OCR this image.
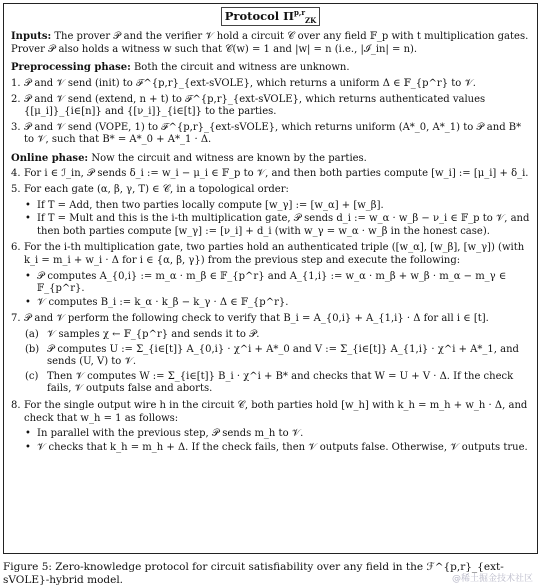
Protocol Π$^{p,r}_{ZK}$

Inputs: The prover 𝒫 and the verifier 𝒱 hold a circuit 𝒞 over any field 𝔽_p with t multiplication gates. Prover 𝒫 also holds a witness w such that 𝒞(w) = 1 and |w| = n (i.e., |ℐ_in| = n).

Preprocessing phase: Both the circuit and witness are unknown.

1. 𝒫 and 𝒱 send (init) to ℱ^{p,r}_{ext-sVOLE}, which returns a uniform Δ ∈ 𝔽_{p^r} to 𝒱.
2. 𝒫 and 𝒱 send (extend, n + t) to ℱ^{p,r}_{ext-sVOLE}, which returns authenticated values {[μ_i]}_{i∈[n]} and {[ν_i]}_{i∈[t]} to the parties.
3. 𝒫 and 𝒱 send (VOPE, 1) to ℱ^{p,r}_{ext-sVOLE}, which returns uniform (A*_0, A*_1) to 𝒫 and B* to 𝒱, such that B* = A*_0 + A*_1 · Δ.

Online phase: Now the circuit and witness are known by the parties.

4. For i ∈ ℐ_in, 𝒫 sends δ_i := w_i − μ_i ∈ 𝔽_p to 𝒱, and then both parties compute [w_i] := [μ_i] + δ_i.
5. For each gate (α, β, γ, T) ∈ 𝒞, in a topological order:
• If T = Add, then two parties locally compute [w_γ] := [w_α] + [w_β].
• If T = Mult and this is the i-th multiplication gate, 𝒫 sends d_i := w_α · w_β − ν_i ∈ 𝔽_p to 𝒱, and then both parties compute [w_γ] := [ν_i] + d_i (with w_γ = w_α · w_β in the honest case).
6. For the i-th multiplication gate, two parties hold an authenticated triple ([w_α], [w_β], [w_γ]) (with k_i = m_i + w_i · Δ for i ∈ {α, β, γ}) from the previous step and execute the following:
• 𝒫 computes A_{0,i} := m_α · m_β ∈ 𝔽_{p^r} and A_{1,i} := w_α · m_β + w_β · m_α − m_γ ∈ 𝔽_{p^r}.
• 𝒱 computes B_i := k_α · k_β − k_γ · Δ ∈ 𝔽_{p^r}.
7. 𝒫 and 𝒱 perform the following check to verify that B_i = A_{0,i} + A_{1,i} · Δ for all i ∈ [t].
(a) 𝒱 samples χ ← 𝔽_{p^r} and sends it to 𝒫.
(b) 𝒫 computes U := Σ_{i∈[t]} A_{0,i} · χ^i + A*_0 and V := Σ_{i∈[t]} A_{1,i} · χ^i + A*_1, and sends (U, V) to 𝒱.
(c) Then 𝒱 computes W := Σ_{i∈[t]} B_i · χ^i + B* and checks that W = U + V · Δ. If the check fails, 𝒱 outputs false and aborts.
8. For the single output wire h in the circuit 𝒞, both parties hold [w_h] with k_h = m_h + w_h · Δ, and check that w_h = 1 as follows:
• In parallel with the previous step, 𝒫 sends m_h to 𝒱.
• 𝒱 checks that k_h = m_h + Δ. If the check fails, then 𝒱 outputs false. Otherwise, 𝒱 outputs true.
Figure 5: Zero-knowledge protocol for circuit satisfiability over any field in the ℱ^{p,r}_{ext-sVOLE}-hybrid model.	@稀土掘金技术社区
